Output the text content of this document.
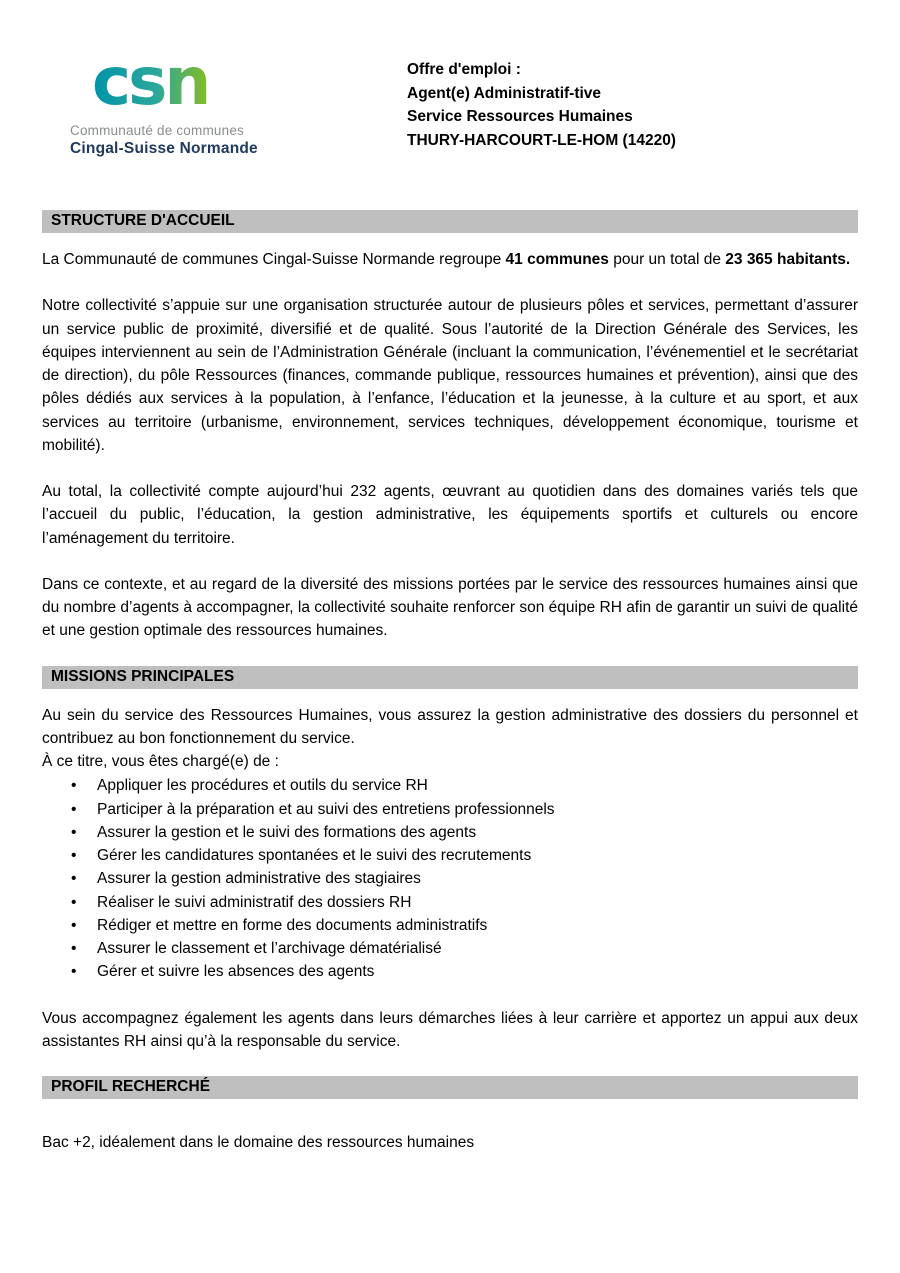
csn
Communauté de communes
Cingal-Suisse Normande
Offre d'emploi :
Agent(e) Administratif-tive
Service Ressources Humaines
THURY-HARCOURT-LE-HOM (14220)
STRUCTURE D'ACCUEIL

La Communauté de communes Cingal-Suisse Normande regroupe 41 communes pour un total de 23 365 habitants.

Notre collectivité s’appuie sur une organisation structurée autour de plusieurs pôles et services, permettant d’assurer un service public de proximité, diversifié et de qualité. Sous l’autorité de la Direction Générale des Services, les équipes interviennent au sein de l’Administration Générale (incluant la communication, l’événementiel et le secrétariat de direction), du pôle Ressources (finances, commande publique, ressources humaines et prévention), ainsi que des pôles dédiés aux services à la population, à l’enfance, l’éducation et la jeunesse, à la culture et au sport, et aux services au territoire (urbanisme, environnement, services techniques, développement économique, tourisme et mobilité).

Au total, la collectivité compte aujourd’hui 232 agents, œuvrant au quotidien dans des domaines variés tels que l’accueil du public, l’éducation, la gestion administrative, les équipements sportifs et culturels ou encore l’aménagement du territoire.

Dans ce contexte, et au regard de la diversité des missions portées par le service des ressources humaines ainsi que du nombre d’agents à accompagner, la collectivité souhaite renforcer son équipe RH afin de garantir un suivi de qualité et une gestion optimale des ressources humaines.

MISSIONS PRINCIPALES

Au sein du service des Ressources Humaines, vous assurez la gestion administrative des dossiers du personnel et contribuez au bon fonctionnement du service.

À ce titre, vous êtes chargé(e) de :

• Appliquer les procédures et outils du service RH
• Participer à la préparation et au suivi des entretiens professionnels
• Assurer la gestion et le suivi des formations des agents
• Gérer les candidatures spontanées et le suivi des recrutements
• Assurer la gestion administrative des stagiaires
• Réaliser le suivi administratif des dossiers RH
• Rédiger et mettre en forme des documents administratifs
• Assurer le classement et l’archivage dématérialisé
• Gérer et suivre les absences des agents

Vous accompagnez également les agents dans leurs démarches liées à leur carrière et apportez un appui aux deux assistantes RH ainsi qu’à la responsable du service.

PROFIL RECHERCHÉ

Bac +2, idéalement dans le domaine des ressources humaines
